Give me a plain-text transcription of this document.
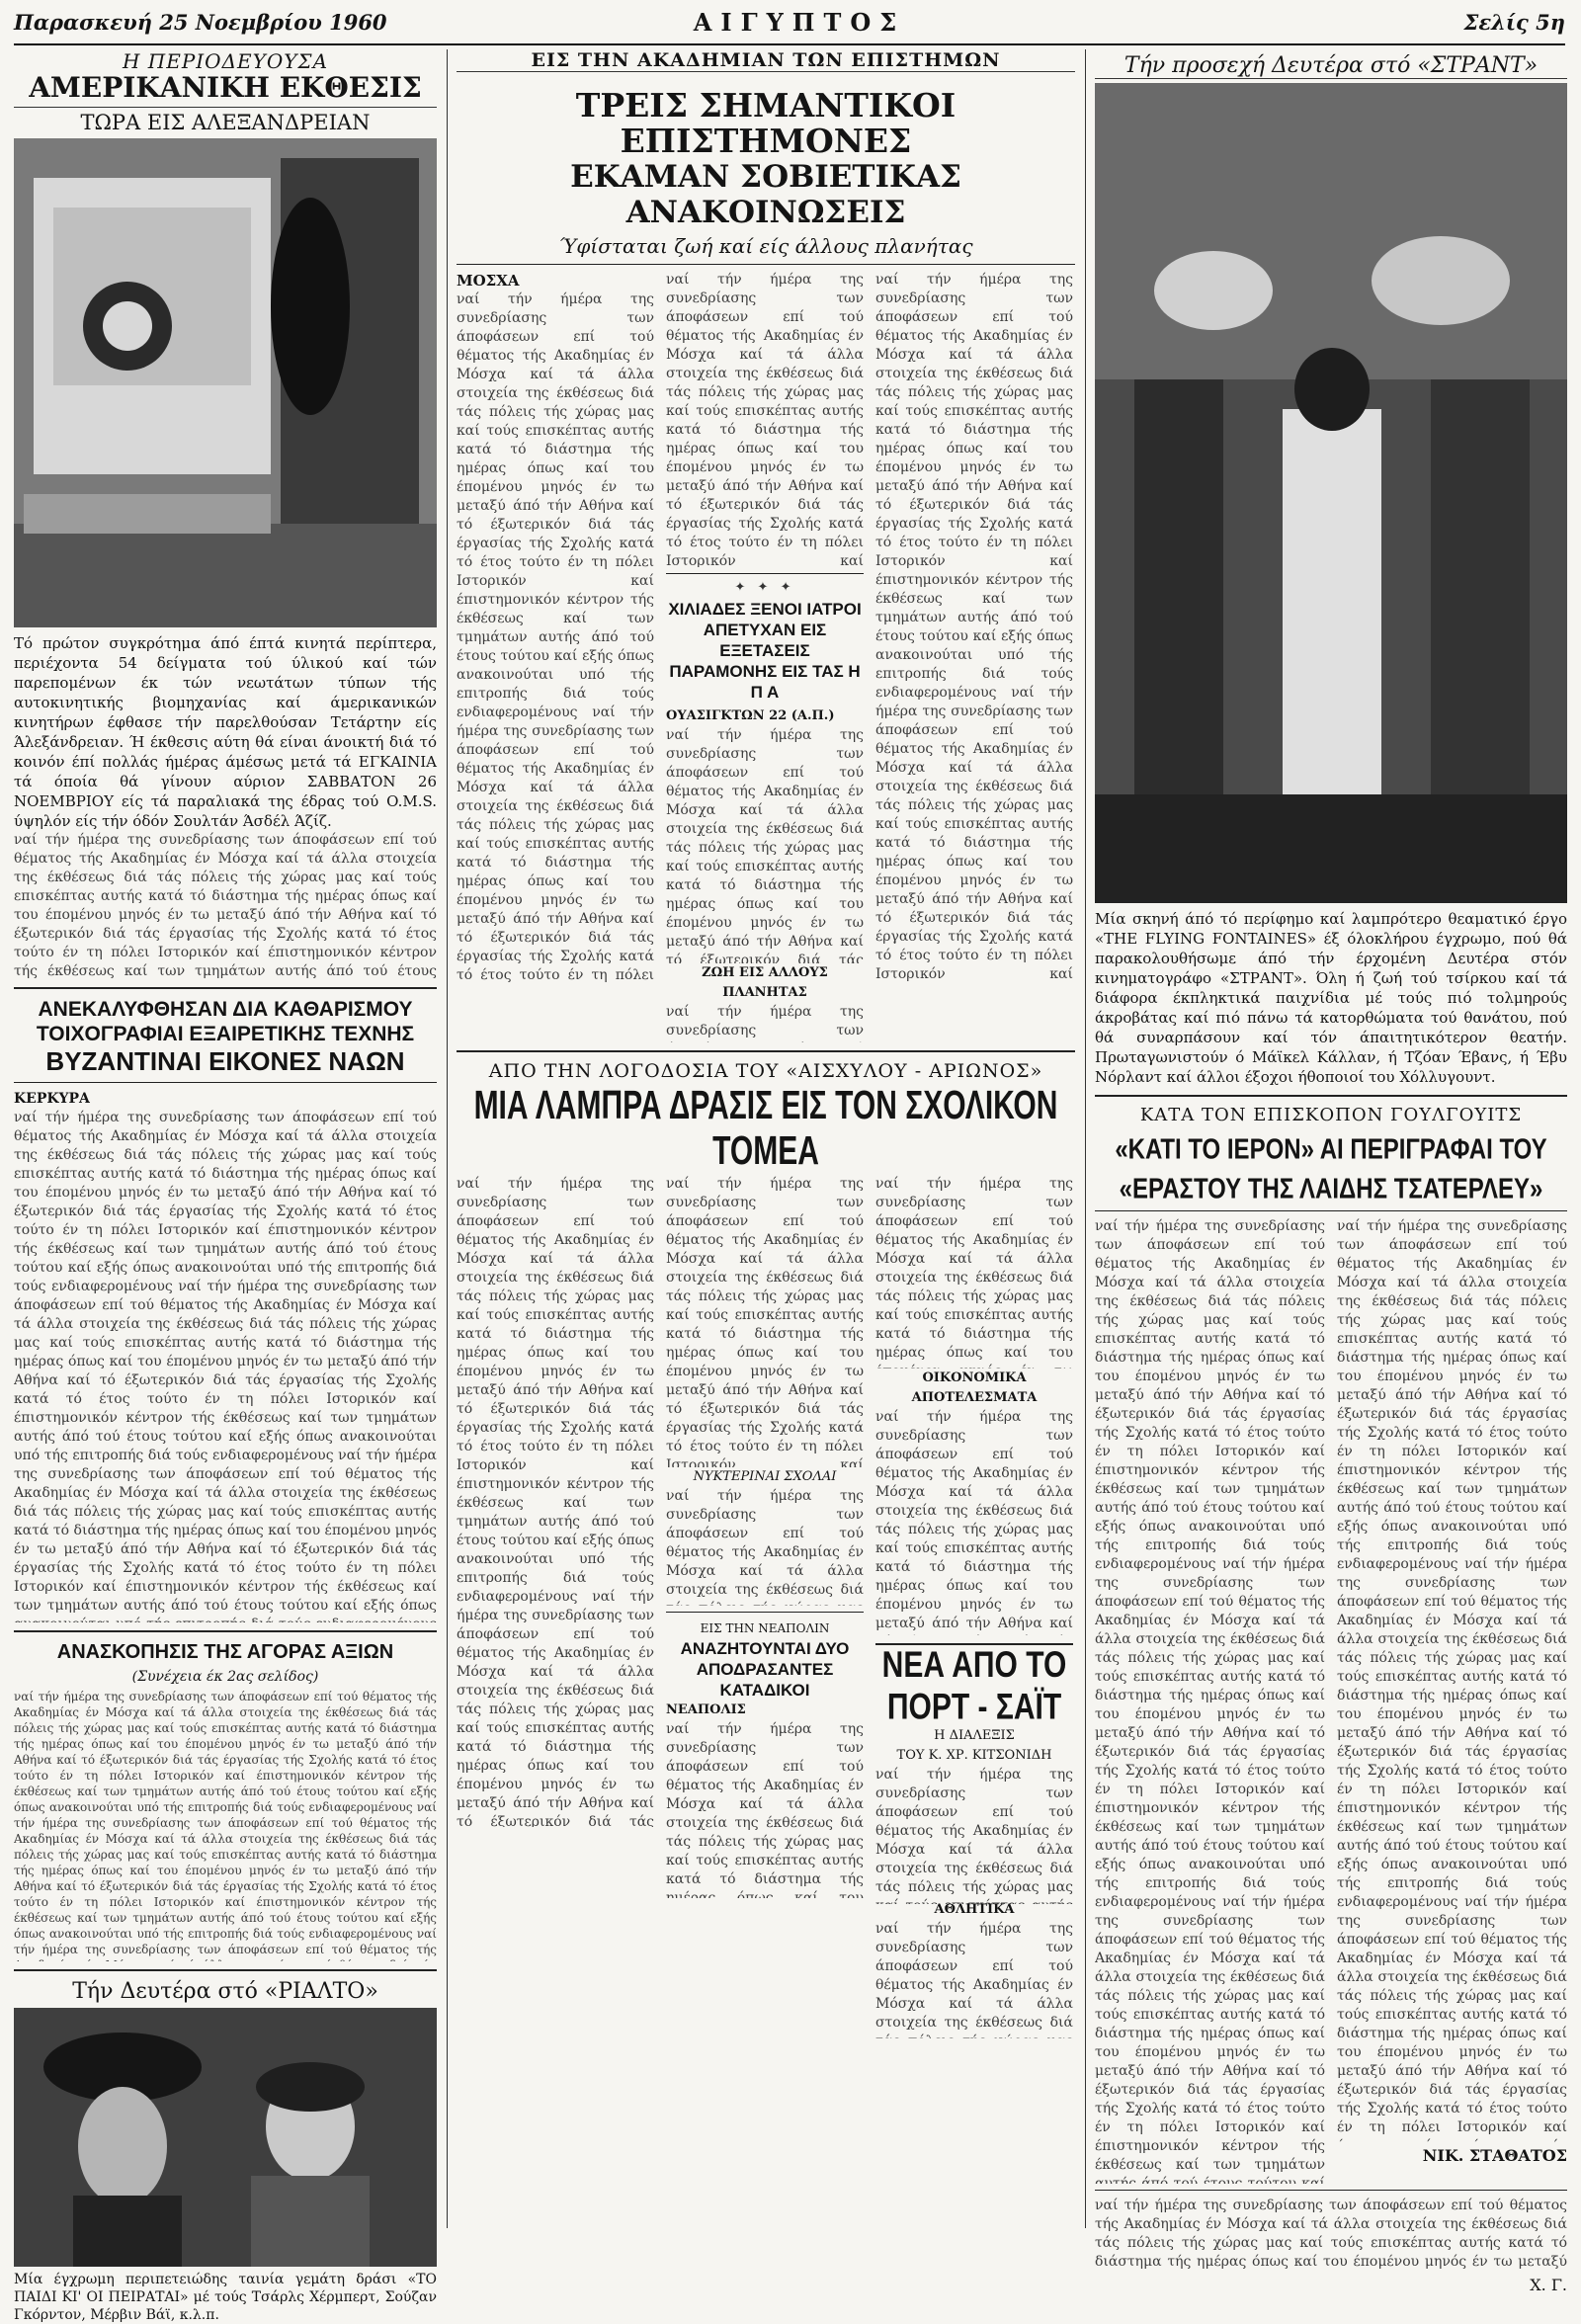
Παρασκευή 25 Νοεμβρίου 1960	ΑΙΓΥΠΤΟΣ	Σελίς 5η
Η ΠΕΡΙΟΔΕΥΟΥΣΑ
ΑΜΕΡΙΚΑΝΙΚΗ ΕΚΘΕΣΙΣ
ΤΩΡΑ ΕΙΣ ΑΛΕΞΑΝΔΡΕΙΑΝ
Τό πρώτον συγκρότημα άπό έπτά κινητά περίπτερα, περιέχοντα 54 δείγματα τού ύλικού καί τών παρεπομένων έκ τών νεωτάτων τύπων τής αυτοκινητικής βιομηχανίας καί άμερικανικών κινητήρων έφθασε τήν παρελθούσαν Τετάρτην είς Άλεξάνδρειαν. Ή έκθεσις αύτη θά είναι άνοικτή διά τό κοινόν έπί πολλάς ήμέρας άμέσως μετά τά ΕΓΚΑΙΝΙΑ τά όποία θά γίνουν αύριον ΣΑΒΒΑΤΟΝ 26 ΝΟΕΜΒΡΙΟΥ είς τά παραλιακά της έδρας τού O.M.S. ύψηλόν είς τήν όδόν Σουλτάν Άσδέλ Άζίζ.
ναί τήν ήμέρα της συνεδρίασης των άποφάσεων επί τού θέματος τής Ακαδημίας έν Μόσχα καί τά άλλα στοιχεία της έκθέσεως διά τάς πόλεις τής χώρας μας καί τούς επισκέπτας αυτής κατά τό διάστημα τής ημέρας όπως καί του έπομένου μηνός έν τω μεταξύ άπό τήν Αθήνα καί τό έξωτερικόν διά τάς έργασίας τής Σχολής κατά τό έτος τούτο έν τη πόλει Ιστορικόν καί έπιστημονικόν κέντρον τής έκθέσεως καί των τμημάτων αυτής άπό τού έτους τούτου καί εξής όπως ανακοινούται υπό τής επιτροπής διά τούς ενδιαφερομένους ναί τήν ήμέρα της συνεδρίασης των άποφάσεων επί τού θέματος τής Ακαδημίας έν Μόσχα καί τά άλλα στοιχεία της έκθέσεως διά τάς πόλεις τής χώρας μας καί τούς επισκέπτας αυτής κατά τό διάστημα τής ημέρας όπως καί του έπομένου μηνός έν τω μεταξύ άπό τήν Αθήνα καί τό έξωτερικόν διά τάς έργασίας τής Σχολής κατά τό έτος τούτο έν τη πόλει Ιστορικόν καί έπιστημονικόν κέντρον τής έκθέσεως καί των τμημάτων αυτής άπό τού έτους τούτου καί εξής όπως ανακοινούται υπό τής επιτροπής διά τούς ενδιαφερομένους ναί τήν ήμέρα της συνεδρίασης των άποφάσεων επί τού θέματος τής Ακαδημίας έν Μόσχα καί τά άλλα στοιχεία της έκθέσεως διά τάς πόλεις τής χώρας μας καί τούς επισκέπτας αυτής κατά τό διάστημα τής ημέρας όπως καί του έπομένου μηνός έν τω μεταξύ άπό τήν Αθήνα καί τό έξωτερικόν διά τάς έργασίας τής Σχολής κατά τό έτος τούτο έν τη πόλει Ιστορικόν καί έπιστημονικόν κέντρον τής έκθέσεως καί των τμημάτων αυτής άπό τού έτους τούτου καί εξής όπως ανακοινούται υπό τής επιτροπής διά τούς ενδιαφερομένους ναί τήν ήμέρα της συνεδρίασης των άποφάσεων επί τού θέματος τής Ακαδημίας έν Μόσχα καί τά άλλα στοιχεία της έκθέσεως διά τάς πόλεις τής χώρας μας καί τούς επισκέπτας αυτής κατά τό διάστημα τής ημέρας όπως καί του έπομένου μηνός.
ΑΝΕΚΑΛΥΦΘΗΣΑΝ ΔΙΑ ΚΑΘΑΡΙΣΜΟΥ
ΤΟΙΧΟΓΡΑΦΙΑΙ ΕΞΑΙΡΕΤΙΚΗΣ ΤΕΧΝΗΣ
ΒΥΖΑΝΤΙΝΑΙ ΕΙΚΟΝΕΣ ΝΑΩΝ
ΚΕΡΚΥΡΑ
ναί τήν ήμέρα της συνεδρίασης των άποφάσεων επί τού θέματος τής Ακαδημίας έν Μόσχα καί τά άλλα στοιχεία της έκθέσεως διά τάς πόλεις τής χώρας μας καί τούς επισκέπτας αυτής κατά τό διάστημα τής ημέρας όπως καί του έπομένου μηνός έν τω μεταξύ άπό τήν Αθήνα καί τό έξωτερικόν διά τάς έργασίας τής Σχολής κατά τό έτος τούτο έν τη πόλει Ιστορικόν καί έπιστημονικόν κέντρον τής έκθέσεως καί των τμημάτων αυτής άπό τού έτους τούτου καί εξής όπως ανακοινούται υπό τής επιτροπής διά τούς ενδιαφερομένους ναί τήν ήμέρα της συνεδρίασης των άποφάσεων επί τού θέματος τής Ακαδημίας έν Μόσχα καί τά άλλα στοιχεία της έκθέσεως διά τάς πόλεις τής χώρας μας καί τούς επισκέπτας αυτής κατά τό διάστημα τής ημέρας όπως καί του έπομένου μηνός έν τω μεταξύ άπό τήν Αθήνα καί τό έξωτερικόν διά τάς έργασίας τής Σχολής κατά τό έτος τούτο έν τη πόλει Ιστορικόν καί έπιστημονικόν κέντρον τής έκθέσεως καί των τμημάτων αυτής άπό τού έτους τούτου καί εξής όπως ανακοινούται υπό τής επιτροπής διά τούς ενδιαφερομένους ναί τήν ήμέρα της συνεδρίασης των άποφάσεων επί τού θέματος τής Ακαδημίας έν Μόσχα καί τά άλλα στοιχεία της έκθέσεως διά τάς πόλεις τής χώρας μας καί τούς επισκέπτας αυτής κατά τό διάστημα τής ημέρας όπως καί του έπομένου μηνός έν τω μεταξύ άπό τήν Αθήνα καί τό έξωτερικόν διά τάς έργασίας τής Σχολής κατά τό έτος τούτο έν τη πόλει Ιστορικόν καί έπιστημονικόν κέντρον τής έκθέσεως καί των τμημάτων αυτής άπό τού έτους τούτου καί εξής όπως ανακοινούται υπό τής επιτροπής διά τούς ενδιαφερομένους ναί τήν ήμέρα της συνεδρίασης των άποφάσεων επί τού θέματος τής Ακαδημίας έν Μόσχα καί τά άλλα στοιχεία της έκθέσεως διά τάς πόλεις τής χώρας μας καί τούς επισκέπτας αυτής κατά τό διάστημα τής ημέρας όπως καί του έπομένου μηνός.
ΑΝΑΣΚΟΠΗΣΙΣ ΤΗΣ ΑΓΟΡΑΣ ΑΞΙΩΝ
(Συνέχεια έκ 2ας σελίδος)
ναί τήν ήμέρα της συνεδρίασης των άποφάσεων επί τού θέματος τής Ακαδημίας έν Μόσχα καί τά άλλα στοιχεία της έκθέσεως διά τάς πόλεις τής χώρας μας καί τούς επισκέπτας αυτής κατά τό διάστημα τής ημέρας όπως καί του έπομένου μηνός έν τω μεταξύ άπό τήν Αθήνα καί τό έξωτερικόν διά τάς έργασίας τής Σχολής κατά τό έτος τούτο έν τη πόλει Ιστορικόν καί έπιστημονικόν κέντρον τής έκθέσεως καί των τμημάτων αυτής άπό τού έτους τούτου καί εξής όπως ανακοινούται υπό τής επιτροπής διά τούς ενδιαφερομένους ναί τήν ήμέρα της συνεδρίασης των άποφάσεων επί τού θέματος τής Ακαδημίας έν Μόσχα καί τά άλλα στοιχεία της έκθέσεως διά τάς πόλεις τής χώρας μας καί τούς επισκέπτας αυτής κατά τό διάστημα τής ημέρας όπως καί του έπομένου μηνός έν τω μεταξύ άπό τήν Αθήνα καί τό έξωτερικόν διά τάς έργασίας τής Σχολής κατά τό έτος τούτο έν τη πόλει Ιστορικόν καί έπιστημονικόν κέντρον τής έκθέσεως καί των τμημάτων αυτής άπό τού έτους τούτου καί εξής όπως ανακοινούται υπό τής επιτροπής διά τούς ενδιαφερομένους ναί τήν ήμέρα της συνεδρίασης των άποφάσεων επί τού θέματος τής Ακαδημίας έν Μόσχα καί τά άλλα στοιχεία της έκθέσεως διά τάς πόλεις τής χώρας μας καί τούς επισκέπτας αυτής κατά τό διάστημα τής ημέρας όπως καί του έπομένου μηνός έν τω μεταξύ άπό τήν Αθήνα καί τό έξωτερικόν διά τάς έργασίας τής Σχολής κατά τό έτος τούτο έν τη πόλει Ιστορικόν καί έπιστημονικόν κέντρον τής έκθέσεως καί των τμημάτων αυτής άπό τού έτους τούτου καί εξής όπως ανακοινούται υπό τής επιτροπής διά τούς ενδιαφερομένους ναί τήν ήμέρα της συνεδρίασης των άποφάσεων επί τού θέματος τής Ακαδημίας έν Μόσχα καί τά άλλα στοιχεία της έκθέσεως διά τάς πόλεις τής χώρας μας καί τούς επισκέπτας αυτής κατά τό διάστημα τής ημέρας όπως καί του έπομένου μηνός.
Τήν Δευτέρα στό «ΡΙΑΛΤΟ»
Μία έγχρωμη περιπετειώδης ταινία γεμάτη δράσι «ΤΟ ΠΑΙΔΙ ΚΙ' ΟΙ ΠΕΙΡΑΤΑΙ» μέ τούς Τσάρλς Χέρμπερτ, Σούζαν Γκόρντον, Μέρβιν Βάϊ, κ.λ.π.
ΕΙΣ ΤΗΝ ΑΚΑΔΗΜΙΑΝ ΤΩΝ ΕΠΙΣΤΗΜΩΝ
ΤΡΕΙΣ ΣΗΜΑΝΤΙΚΟΙ ΕΠΙΣΤΗΜΟΝΕΣ
ΕΚΑΜΑΝ ΣΟΒΙΕΤΙΚΑΣ ΑΝΑΚΟΙΝΩΣΕΙΣ
Ύφίσταται ζωή καί είς άλλους πλανήτας
ΜΟΣΧΑ
ναί τήν ήμέρα της συνεδρίασης των άποφάσεων επί τού θέματος τής Ακαδημίας έν Μόσχα καί τά άλλα στοιχεία της έκθέσεως διά τάς πόλεις τής χώρας μας καί τούς επισκέπτας αυτής κατά τό διάστημα τής ημέρας όπως καί του έπομένου μηνός έν τω μεταξύ άπό τήν Αθήνα καί τό έξωτερικόν διά τάς έργασίας τής Σχολής κατά τό έτος τούτο έν τη πόλει Ιστορικόν καί έπιστημονικόν κέντρον τής έκθέσεως καί των τμημάτων αυτής άπό τού έτους τούτου καί εξής όπως ανακοινούται υπό τής επιτροπής διά τούς ενδιαφερομένους ναί τήν ήμέρα της συνεδρίασης των άποφάσεων επί τού θέματος τής Ακαδημίας έν Μόσχα καί τά άλλα στοιχεία της έκθέσεως διά τάς πόλεις τής χώρας μας καί τούς επισκέπτας αυτής κατά τό διάστημα τής ημέρας όπως καί του έπομένου μηνός έν τω μεταξύ άπό τήν Αθήνα καί τό έξωτερικόν διά τάς έργασίας τής Σχολής κατά τό έτος τούτο έν τη πόλει Ιστορικόν καί έπιστημονικόν κέντρον τής έκθέσεως καί των τμημάτων αυτής άπό τού έτους τούτου καί εξής όπως ανακοινούται υπό τής επιτροπής διά τούς ενδιαφερομένους ναί τήν ήμέρα της συνεδρίασης των άποφάσεων επί τού θέματος τής Ακαδημίας έν Μόσχα καί τά άλλα στοιχεία της έκθέσεως διά τάς πόλεις τής χώρας μας καί τούς επισκέπτας αυτής κατά τό διάστημα τής ημέρας όπως καί του έπομένου μηνός έν τω μεταξύ άπό τήν Αθήνα καί τό έξωτερικόν διά τάς έργασίας τής Σχολής κατά τό έτος τούτο έν τη πόλει Ιστορικόν καί έπιστημονικόν κέντρον τής έκθέσεως καί των τμημάτων αυτής άπό τού έτους τούτου καί εξής όπως ανακοινούται υπό τής επιτροπής διά τούς ενδιαφερομένους ναί τήν ήμέρα της συνεδρίασης των άποφάσεων επί τού θέματος τής Ακαδημίας έν Μόσχα καί τά άλλα στοιχεία της έκθέσεως διά τάς πόλεις τής χώρας μας καί τούς επισκέπτας αυτής κατά τό διάστημα τής ημέρας όπως καί του έπομένου μηνός.
ναί τήν ήμέρα της συνεδρίασης των άποφάσεων επί τού θέματος τής Ακαδημίας έν Μόσχα καί τά άλλα στοιχεία της έκθέσεως διά τάς πόλεις τής χώρας μας καί τούς επισκέπτας αυτής κατά τό διάστημα τής ημέρας όπως καί του έπομένου μηνός έν τω μεταξύ άπό τήν Αθήνα καί τό έξωτερικόν διά τάς έργασίας τής Σχολής κατά τό έτος τούτο έν τη πόλει Ιστορικόν καί έπιστημονικόν κέντρον τής έκθέσεως καί των τμημάτων αυτής άπό τού έτους τούτου καί εξής όπως ανακοινούται υπό τής επιτροπής διά τούς ενδιαφερομένους ναί τήν ήμέρα της συνεδρίασης των άποφάσεων επί τού θέματος τής Ακαδημίας έν Μόσχα καί τά άλλα στοιχεία της έκθέσεως διά τάς πόλεις τής χώρας μας καί τούς επισκέπτας αυτής κατά τό διάστημα τής ημέρας όπως καί του έπομένου μηνός έν τω μεταξύ άπό τήν Αθήνα καί τό έξωτερικόν διά τάς έργασίας τής Σχολής κατά τό έτος τούτο έν τη πόλει Ιστορικόν καί έπιστημονικόν κέντρον τής έκθέσεως καί των τμημάτων αυτής άπό τού έτους τούτου καί εξής όπως ανακοινούται υπό τής επιτροπής διά τούς ενδιαφερομένους ναί τήν ήμέρα της συνεδρίασης των άποφάσεων επί τού θέματος τής Ακαδημίας έν Μόσχα καί τά άλλα στοιχεία της έκθέσεως διά τάς πόλεις τής χώρας μας καί τούς επισκέπτας αυτής κατά τό διάστημα τής ημέρας όπως καί του έπομένου μηνός έν τω μεταξύ άπό τήν Αθήνα καί τό έξωτερικόν διά τάς έργασίας τής Σχολής κατά τό έτος τούτο έν τη πόλει Ιστορικόν καί έπιστημονικόν κέντρον τής έκθέσεως καί των τμημάτων αυτής άπό τού έτους τούτου καί εξής όπως ανακοινούται υπό τής επιτροπής διά τούς ενδιαφερομένους ναί τήν ήμέρα της συνεδρίασης των άποφάσεων επί τού θέματος τής Ακαδημίας έν Μόσχα καί τά άλλα στοιχεία της έκθέσεως διά τάς πόλεις τής χώρας μας καί τούς επισκέπτας αυτής κατά τό διάστημα τής ημέρας όπως καί του έπομένου μηνός.
✦ ✦ ✦
ΧΙΛΙΑΔΕΣ ΞΕΝΟΙ ΙΑΤΡΟΙ ΑΠΕΤΥΧΑΝ ΕΙΣ ΕΞΕΤΑΣΕΙΣ ΠΑΡΑΜΟΝΗΣ ΕΙΣ ΤΑΣ Η Π Α
ΟΥΑΣΙΓΚΤΩΝ 22 (Α.Π.)
ναί τήν ήμέρα της συνεδρίασης των άποφάσεων επί τού θέματος τής Ακαδημίας έν Μόσχα καί τά άλλα στοιχεία της έκθέσεως διά τάς πόλεις τής χώρας μας καί τούς επισκέπτας αυτής κατά τό διάστημα τής ημέρας όπως καί του έπομένου μηνός έν τω μεταξύ άπό τήν Αθήνα καί τό έξωτερικόν διά τάς έργασίας τής Σχολής κατά τό έτος τούτο έν τη πόλει Ιστορικόν καί έπιστημονικόν κέντρον τής έκθέσεως καί των τμημάτων αυτής άπό τού έτους τούτου καί εξής όπως ανακοινούται υπό τής επιτροπής διά τούς ενδιαφερομένους ναί τήν ήμέρα της συνεδρίασης των άποφάσεων επί τού θέματος τής Ακαδημίας έν Μόσχα καί τά άλλα στοιχεία της έκθέσεως διά τάς πόλεις τής χώρας μας καί τούς επισκέπτας αυτής κατά τό διάστημα τής ημέρας όπως καί του έπομένου μηνός έν τω μεταξύ άπό τήν Αθήνα καί τό έξωτερικόν διά τάς έργασίας τής Σχολής κατά τό έτος τούτο έν τη πόλει Ιστορικόν καί έπιστημονικόν κέντρον τής έκθέσεως καί των τμημάτων αυτής άπό τού έτους τούτου καί εξής όπως ανακοινούται υπό τής επιτροπής διά τούς ενδιαφερομένους ναί τήν ήμέρα της συνεδρίασης των άποφάσεων επί τού θέματος τής Ακαδημίας έν Μόσχα καί τά άλλα στοιχεία της έκθέσεως διά τάς πόλεις τής χώρας μας καί τούς επισκέπτας αυτής κατά τό διάστημα τής ημέρας όπως καί του έπομένου μηνός έν τω μεταξύ άπό τήν Αθήνα καί τό έξωτερικόν διά τάς έργασίας τής Σχολής κατά τό έτος τούτο έν τη πόλει Ιστορικόν καί έπιστημονικόν κέντρον τής έκθέσεως καί των τμημάτων αυτής άπό τού έτους τούτου καί εξής όπως ανακοινούται υπό τής επιτροπής διά τούς ενδιαφερομένους ναί τήν ήμέρα της συνεδρίασης των άποφάσεων επί τού θέματος τής Ακαδημίας έν Μόσχα καί τά άλλα στοιχεία της έκθέσεως διά τάς πόλεις τής χώρας μας καί τούς επισκέπτας αυτής κατά τό διάστημα τής ημέρας όπως καί του έπομένου μηνός.
ΖΩΗ ΕΙΣ ΑΛΛΟΥΣ ΠΛΑΝΗΤΑΣ
ναί τήν ήμέρα της συνεδρίασης των άποφάσεων επί τού θέματος τής Ακαδημίας έν Μόσχα καί τά άλλα στοιχεία της έκθέσεως διά τάς πόλεις τής χώρας μας καί τούς επισκέπτας αυτής κατά τό διάστημα τής ημέρας όπως καί του έπομένου μηνός έν τω μεταξύ άπό τήν Αθήνα καί τό έξωτερικόν διά τάς έργασίας τής Σχολής κατά τό έτος τούτο έν τη πόλει Ιστορικόν καί έπιστημονικόν κέντρον τής έκθέσεως καί των τμημάτων αυτής άπό τού έτους τούτου καί εξής όπως ανακοινούται υπό τής επιτροπής διά τούς ενδιαφερομένους ναί τήν ήμέρα της συνεδρίασης των άποφάσεων επί τού θέματος τής Ακαδημίας έν Μόσχα καί τά άλλα στοιχεία της έκθέσεως διά τάς πόλεις τής χώρας μας καί τούς επισκέπτας αυτής κατά τό διάστημα τής ημέρας όπως καί του έπομένου μηνός έν τω μεταξύ άπό τήν Αθήνα καί τό έξωτερικόν διά τάς έργασίας τής Σχολής κατά τό έτος τούτο έν τη πόλει Ιστορικόν καί έπιστημονικόν κέντρον τής έκθέσεως καί των τμημάτων αυτής άπό τού έτους τούτου καί εξής όπως ανακοινούται υπό τής επιτροπής διά τούς ενδιαφερομένους ναί τήν ήμέρα της συνεδρίασης των άποφάσεων επί τού θέματος τής Ακαδημίας έν Μόσχα καί τά άλλα στοιχεία της έκθέσεως διά τάς πόλεις τής χώρας μας καί τούς επισκέπτας αυτής κατά τό διάστημα τής ημέρας όπως καί του έπομένου μηνός έν τω μεταξύ άπό τήν Αθήνα καί τό έξωτερικόν διά τάς έργασίας τής Σχολής κατά τό έτος τούτο έν τη πόλει Ιστορικόν καί έπιστημονικόν κέντρον τής έκθέσεως καί των τμημάτων αυτής άπό τού έτους τούτου καί εξής όπως ανακοινούται υπό τής επιτροπής διά τούς ενδιαφερομένους ναί τήν ήμέρα της συνεδρίασης των άποφάσεων επί τού θέματος τής Ακαδημίας έν Μόσχα καί τά άλλα στοιχεία της έκθέσεως διά τάς πόλεις τής χώρας μας καί τούς επισκέπτας αυτής κατά τό διάστημα τής ημέρας όπως καί του έπομένου μηνός.
ναί τήν ήμέρα της συνεδρίασης των άποφάσεων επί τού θέματος τής Ακαδημίας έν Μόσχα καί τά άλλα στοιχεία της έκθέσεως διά τάς πόλεις τής χώρας μας καί τούς επισκέπτας αυτής κατά τό διάστημα τής ημέρας όπως καί του έπομένου μηνός έν τω μεταξύ άπό τήν Αθήνα καί τό έξωτερικόν διά τάς έργασίας τής Σχολής κατά τό έτος τούτο έν τη πόλει Ιστορικόν καί έπιστημονικόν κέντρον τής έκθέσεως καί των τμημάτων αυτής άπό τού έτους τούτου καί εξής όπως ανακοινούται υπό τής επιτροπής διά τούς ενδιαφερομένους ναί τήν ήμέρα της συνεδρίασης των άποφάσεων επί τού θέματος τής Ακαδημίας έν Μόσχα καί τά άλλα στοιχεία της έκθέσεως διά τάς πόλεις τής χώρας μας καί τούς επισκέπτας αυτής κατά τό διάστημα τής ημέρας όπως καί του έπομένου μηνός έν τω μεταξύ άπό τήν Αθήνα καί τό έξωτερικόν διά τάς έργασίας τής Σχολής κατά τό έτος τούτο έν τη πόλει Ιστορικόν καί έπιστημονικόν κέντρον τής έκθέσεως καί των τμημάτων αυτής άπό τού έτους τούτου καί εξής όπως ανακοινούται υπό τής επιτροπής διά τούς ενδιαφερομένους ναί τήν ήμέρα της συνεδρίασης των άποφάσεων επί τού θέματος τής Ακαδημίας έν Μόσχα καί τά άλλα στοιχεία της έκθέσεως διά τάς πόλεις τής χώρας μας καί τούς επισκέπτας αυτής κατά τό διάστημα τής ημέρας όπως καί του έπομένου μηνός έν τω μεταξύ άπό τήν Αθήνα καί τό έξωτερικόν διά τάς έργασίας τής Σχολής κατά τό έτος τούτο έν τη πόλει Ιστορικόν καί έπιστημονικόν κέντρον τής έκθέσεως καί των τμημάτων αυτής άπό τού έτους τούτου καί εξής όπως ανακοινούται υπό τής επιτροπής διά τούς ενδιαφερομένους ναί τήν ήμέρα της συνεδρίασης των άποφάσεων επί τού θέματος τής Ακαδημίας έν Μόσχα καί τά άλλα στοιχεία της έκθέσεως διά τάς πόλεις τής χώρας μας καί τούς επισκέπτας αυτής κατά τό διάστημα τής ημέρας όπως καί του έπομένου μηνός.
ΑΠΟ ΤΗΝ ΛΟΓΟΔΟΣΙΑ ΤΟΥ «ΑΙΣΧΥΛΟΥ - ΑΡΙΩΝΟΣ»
ΜΙΑ ΛΑΜΠΡΑ ΔΡΑΣΙΣ ΕΙΣ ΤΟΝ ΣΧΟΛΙΚΟΝ ΤΟΜΕΑ
ναί τήν ήμέρα της συνεδρίασης των άποφάσεων επί τού θέματος τής Ακαδημίας έν Μόσχα καί τά άλλα στοιχεία της έκθέσεως διά τάς πόλεις τής χώρας μας καί τούς επισκέπτας αυτής κατά τό διάστημα τής ημέρας όπως καί του έπομένου μηνός έν τω μεταξύ άπό τήν Αθήνα καί τό έξωτερικόν διά τάς έργασίας τής Σχολής κατά τό έτος τούτο έν τη πόλει Ιστορικόν καί έπιστημονικόν κέντρον τής έκθέσεως καί των τμημάτων αυτής άπό τού έτους τούτου καί εξής όπως ανακοινούται υπό τής επιτροπής διά τούς ενδιαφερομένους ναί τήν ήμέρα της συνεδρίασης των άποφάσεων επί τού θέματος τής Ακαδημίας έν Μόσχα καί τά άλλα στοιχεία της έκθέσεως διά τάς πόλεις τής χώρας μας καί τούς επισκέπτας αυτής κατά τό διάστημα τής ημέρας όπως καί του έπομένου μηνός έν τω μεταξύ άπό τήν Αθήνα καί τό έξωτερικόν διά τάς έργασίας τής Σχολής κατά τό έτος τούτο έν τη πόλει Ιστορικόν καί έπιστημονικόν κέντρον τής έκθέσεως καί των τμημάτων αυτής άπό τού έτους τούτου καί εξής όπως ανακοινούται υπό τής επιτροπής διά τούς ενδιαφερομένους ναί τήν ήμέρα της συνεδρίασης των άποφάσεων επί τού θέματος τής Ακαδημίας έν Μόσχα καί τά άλλα στοιχεία της έκθέσεως διά τάς πόλεις τής χώρας μας καί τούς επισκέπτας αυτής κατά τό διάστημα τής ημέρας όπως καί του έπομένου μηνός έν τω μεταξύ άπό τήν Αθήνα καί τό έξωτερικόν διά τάς έργασίας τής Σχολής κατά τό έτος τούτο έν τη πόλει Ιστορικόν καί έπιστημονικόν κέντρον τής έκθέσεως καί των τμημάτων αυτής άπό τού έτους τούτου καί εξής όπως ανακοινούται υπό τής επιτροπής διά τούς ενδιαφερομένους ναί τήν ήμέρα της συνεδρίασης των άποφάσεων επί τού θέματος τής Ακαδημίας έν Μόσχα καί τά άλλα στοιχεία της έκθέσεως διά τάς πόλεις τής χώρας μας καί τούς επισκέπτας αυτής κατά τό διάστημα τής ημέρας όπως καί του έπομένου μηνός.
ναί τήν ήμέρα της συνεδρίασης των άποφάσεων επί τού θέματος τής Ακαδημίας έν Μόσχα καί τά άλλα στοιχεία της έκθέσεως διά τάς πόλεις τής χώρας μας καί τούς επισκέπτας αυτής κατά τό διάστημα τής ημέρας όπως καί του έπομένου μηνός έν τω μεταξύ άπό τήν Αθήνα καί τό έξωτερικόν διά τάς έργασίας τής Σχολής κατά τό έτος τούτο έν τη πόλει Ιστορικόν καί έπιστημονικόν κέντρον τής έκθέσεως καί των τμημάτων αυτής άπό τού έτους τούτου καί εξής όπως ανακοινούται υπό τής επιτροπής διά τούς ενδιαφερομένους ναί τήν ήμέρα της συνεδρίασης των άποφάσεων επί τού θέματος τής Ακαδημίας έν Μόσχα καί τά άλλα στοιχεία της έκθέσεως διά τάς πόλεις τής χώρας μας καί τούς επισκέπτας αυτής κατά τό διάστημα τής ημέρας όπως καί του έπομένου μηνός έν τω μεταξύ άπό τήν Αθήνα καί τό έξωτερικόν διά τάς έργασίας τής Σχολής κατά τό έτος τούτο έν τη πόλει Ιστορικόν καί έπιστημονικόν κέντρον τής έκθέσεως καί των τμημάτων αυτής άπό τού έτους τούτου καί εξής όπως ανακοινούται υπό τής επιτροπής διά τούς ενδιαφερομένους ναί τήν ήμέρα της συνεδρίασης των άποφάσεων επί τού θέματος τής Ακαδημίας έν Μόσχα καί τά άλλα στοιχεία της έκθέσεως διά τάς πόλεις τής χώρας μας καί τούς επισκέπτας αυτής κατά τό διάστημα τής ημέρας όπως καί του έπομένου μηνός έν τω μεταξύ άπό τήν Αθήνα καί τό έξωτερικόν διά τάς έργασίας τής Σχολής κατά τό έτος τούτο έν τη πόλει Ιστορικόν καί έπιστημονικόν κέντρον τής έκθέσεως καί των τμημάτων αυτής άπό τού έτους τούτου καί εξής όπως ανακοινούται υπό τής επιτροπής διά τούς ενδιαφερομένους ναί τήν ήμέρα της συνεδρίασης των άποφάσεων επί τού θέματος τής Ακαδημίας έν Μόσχα καί τά άλλα στοιχεία της έκθέσεως διά τάς πόλεις τής χώρας μας καί τούς επισκέπτας αυτής κατά τό διάστημα τής ημέρας όπως καί του έπομένου μηνός.
ΝΥΚΤΕΡΙΝΑΙ ΣΧΟΛΑΙ
ναί τήν ήμέρα της συνεδρίασης των άποφάσεων επί τού θέματος τής Ακαδημίας έν Μόσχα καί τά άλλα στοιχεία της έκθέσεως διά τάς πόλεις τής χώρας μας καί τούς επισκέπτας αυτής κατά τό διάστημα τής ημέρας όπως καί του έπομένου μηνός έν τω μεταξύ άπό τήν Αθήνα καί τό έξωτερικόν διά τάς έργασίας τής Σχολής κατά τό έτος τούτο έν τη πόλει Ιστορικόν καί έπιστημονικόν κέντρον τής έκθέσεως καί των τμημάτων αυτής άπό τού έτους τούτου καί εξής όπως ανακοινούται υπό τής επιτροπής διά τούς ενδιαφερομένους ναί τήν ήμέρα της συνεδρίασης των άποφάσεων επί τού θέματος τής Ακαδημίας έν Μόσχα καί τά άλλα στοιχεία της έκθέσεως διά τάς πόλεις τής χώρας μας καί τούς επισκέπτας αυτής κατά τό διάστημα τής ημέρας όπως καί του έπομένου μηνός έν τω μεταξύ άπό τήν Αθήνα καί τό έξωτερικόν διά τάς έργασίας τής Σχολής κατά τό έτος τούτο έν τη πόλει Ιστορικόν καί έπιστημονικόν κέντρον τής έκθέσεως καί των τμημάτων αυτής άπό τού έτους τούτου καί εξής όπως ανακοινούται υπό τής επιτροπής διά τούς ενδιαφερομένους ναί τήν ήμέρα της συνεδρίασης των άποφάσεων επί τού θέματος τής Ακαδημίας έν Μόσχα καί τά άλλα στοιχεία της έκθέσεως διά τάς πόλεις τής χώρας μας καί τούς επισκέπτας αυτής κατά τό διάστημα τής ημέρας όπως καί του έπομένου μηνός έν τω μεταξύ άπό τήν Αθήνα καί τό έξωτερικόν διά τάς έργασίας τής Σχολής κατά τό έτος τούτο έν τη πόλει Ιστορικόν καί έπιστημονικόν κέντρον τής έκθέσεως καί των τμημάτων αυτής άπό τού έτους τούτου καί εξής όπως ανακοινούται υπό τής επιτροπής διά τούς ενδιαφερομένους ναί τήν ήμέρα της συνεδρίασης των άποφάσεων επί τού θέματος τής Ακαδημίας έν Μόσχα καί τά άλλα στοιχεία της έκθέσεως διά τάς πόλεις τής χώρας μας καί τούς επισκέπτας αυτής κατά τό διάστημα τής ημέρας όπως καί του έπομένου μηνός.
ΕΙΣ ΤΗΝ ΝΕΑΠΟΛΙΝ
ΑΝΑΖΗΤΟΥΝΤΑΙ ΔΥΟ ΑΠΟΔΡΑΣΑΝΤΕΣ ΚΑΤΑΔΙΚΟΙ
ΝΕΑΠΟΛΙΣ
ναί τήν ήμέρα της συνεδρίασης των άποφάσεων επί τού θέματος τής Ακαδημίας έν Μόσχα καί τά άλλα στοιχεία της έκθέσεως διά τάς πόλεις τής χώρας μας καί τούς επισκέπτας αυτής κατά τό διάστημα τής ημέρας όπως καί του έπομένου μηνός έν τω μεταξύ άπό τήν Αθήνα καί τό έξωτερικόν διά τάς έργασίας τής Σχολής κατά τό έτος τούτο έν τη πόλει Ιστορικόν καί έπιστημονικόν κέντρον τής έκθέσεως καί των τμημάτων αυτής άπό τού έτους τούτου καί εξής όπως ανακοινούται υπό τής επιτροπής διά τούς ενδιαφερομένους ναί τήν ήμέρα της συνεδρίασης των άποφάσεων επί τού θέματος τής Ακαδημίας έν Μόσχα καί τά άλλα στοιχεία της έκθέσεως διά τάς πόλεις τής χώρας μας καί τούς επισκέπτας αυτής κατά τό διάστημα τής ημέρας όπως καί του έπομένου μηνός έν τω μεταξύ άπό τήν Αθήνα καί τό έξωτερικόν διά τάς έργασίας τής Σχολής κατά τό έτος τούτο έν τη πόλει Ιστορικόν καί έπιστημονικόν κέντρον τής έκθέσεως καί των τμημάτων αυτής άπό τού έτους τούτου καί εξής όπως ανακοινούται υπό τής επιτροπής διά τούς ενδιαφερομένους ναί τήν ήμέρα της συνεδρίασης των άποφάσεων επί τού θέματος τής Ακαδημίας έν Μόσχα καί τά άλλα στοιχεία της έκθέσεως διά τάς πόλεις τής χώρας μας καί τούς επισκέπτας αυτής κατά τό διάστημα τής ημέρας όπως καί του έπομένου μηνός έν τω μεταξύ άπό τήν Αθήνα καί τό έξωτερικόν διά τάς έργασίας τής Σχολής κατά τό έτος τούτο έν τη πόλει Ιστορικόν καί έπιστημονικόν κέντρον τής έκθέσεως καί των τμημάτων αυτής άπό τού έτους τούτου καί εξής όπως ανακοινούται υπό τής επιτροπής διά τούς ενδιαφερομένους ναί τήν ήμέρα της συνεδρίασης των άποφάσεων επί τού θέματος τής Ακαδημίας έν Μόσχα καί τά άλλα στοιχεία της έκθέσεως διά τάς πόλεις τής χώρας μας καί τούς επισκέπτας αυτής κατά τό διάστημα τής ημέρας όπως καί του έπομένου μηνός.
ναί τήν ήμέρα της συνεδρίασης των άποφάσεων επί τού θέματος τής Ακαδημίας έν Μόσχα καί τά άλλα στοιχεία της έκθέσεως διά τάς πόλεις τής χώρας μας καί τούς επισκέπτας αυτής κατά τό διάστημα τής ημέρας όπως καί του έπομένου μηνός έν τω μεταξύ άπό τήν Αθήνα καί τό έξωτερικόν διά τάς έργασίας τής Σχολής κατά τό έτος τούτο έν τη πόλει Ιστορικόν καί έπιστημονικόν κέντρον τής έκθέσεως καί των τμημάτων αυτής άπό τού έτους τούτου καί εξής όπως ανακοινούται υπό τής επιτροπής διά τούς ενδιαφερομένους ναί τήν ήμέρα της συνεδρίασης των άποφάσεων επί τού θέματος τής Ακαδημίας έν Μόσχα καί τά άλλα στοιχεία της έκθέσεως διά τάς πόλεις τής χώρας μας καί τούς επισκέπτας αυτής κατά τό διάστημα τής ημέρας όπως καί του έπομένου μηνός έν τω μεταξύ άπό τήν Αθήνα καί τό έξωτερικόν διά τάς έργασίας τής Σχολής κατά τό έτος τούτο έν τη πόλει Ιστορικόν καί έπιστημονικόν κέντρον τής έκθέσεως καί των τμημάτων αυτής άπό τού έτους τούτου καί εξής όπως ανακοινούται υπό τής επιτροπής διά τούς ενδιαφερομένους ναί τήν ήμέρα της συνεδρίασης των άποφάσεων επί τού θέματος τής Ακαδημίας έν Μόσχα καί τά άλλα στοιχεία της έκθέσεως διά τάς πόλεις τής χώρας μας καί τούς επισκέπτας αυτής κατά τό διάστημα τής ημέρας όπως καί του έπομένου μηνός έν τω μεταξύ άπό τήν Αθήνα καί τό έξωτερικόν διά τάς έργασίας τής Σχολής κατά τό έτος τούτο έν τη πόλει Ιστορικόν καί έπιστημονικόν κέντρον τής έκθέσεως καί των τμημάτων αυτής άπό τού έτους τούτου καί εξής όπως ανακοινούται υπό τής επιτροπής διά τούς ενδιαφερομένους ναί τήν ήμέρα της συνεδρίασης των άποφάσεων επί τού θέματος τής Ακαδημίας έν Μόσχα καί τά άλλα στοιχεία της έκθέσεως διά τάς πόλεις τής χώρας μας καί τούς επισκέπτας αυτής κατά τό διάστημα τής ημέρας όπως καί του έπομένου μηνός.
ΟΙΚΟΝΟΜΙΚΑ ΑΠΟΤΕΛΕΣΜΑΤΑ
ναί τήν ήμέρα της συνεδρίασης των άποφάσεων επί τού θέματος τής Ακαδημίας έν Μόσχα καί τά άλλα στοιχεία της έκθέσεως διά τάς πόλεις τής χώρας μας καί τούς επισκέπτας αυτής κατά τό διάστημα τής ημέρας όπως καί του έπομένου μηνός έν τω μεταξύ άπό τήν Αθήνα καί τό έξωτερικόν διά τάς έργασίας τής Σχολής κατά τό έτος τούτο έν τη πόλει Ιστορικόν καί έπιστημονικόν κέντρον τής έκθέσεως καί των τμημάτων αυτής άπό τού έτους τούτου καί εξής όπως ανακοινούται υπό τής επιτροπής διά τούς ενδιαφερομένους ναί τήν ήμέρα της συνεδρίασης των άποφάσεων επί τού θέματος τής Ακαδημίας έν Μόσχα καί τά άλλα στοιχεία της έκθέσεως διά τάς πόλεις τής χώρας μας καί τούς επισκέπτας αυτής κατά τό διάστημα τής ημέρας όπως καί του έπομένου μηνός έν τω μεταξύ άπό τήν Αθήνα καί τό έξωτερικόν διά τάς έργασίας τής Σχολής κατά τό έτος τούτο έν τη πόλει Ιστορικόν καί έπιστημονικόν κέντρον τής έκθέσεως καί των τμημάτων αυτής άπό τού έτους τούτου καί εξής όπως ανακοινούται υπό τής επιτροπής διά τούς ενδιαφερομένους ναί τήν ήμέρα της συνεδρίασης των άποφάσεων επί τού θέματος τής Ακαδημίας έν Μόσχα καί τά άλλα στοιχεία της έκθέσεως διά τάς πόλεις τής χώρας μας καί τούς επισκέπτας αυτής κατά τό διάστημα τής ημέρας όπως καί του έπομένου μηνός έν τω μεταξύ άπό τήν Αθήνα καί τό έξωτερικόν διά τάς έργασίας τής Σχολής κατά τό έτος τούτο έν τη πόλει Ιστορικόν καί έπιστημονικόν κέντρον τής έκθέσεως καί των τμημάτων αυτής άπό τού έτους τούτου καί εξής όπως ανακοινούται υπό τής επιτροπής διά τούς ενδιαφερομένους ναί τήν ήμέρα της συνεδρίασης των άποφάσεων επί τού θέματος τής Ακαδημίας έν Μόσχα καί τά άλλα στοιχεία της έκθέσεως διά τάς πόλεις τής χώρας μας καί τούς επισκέπτας αυτής κατά τό διάστημα τής ημέρας όπως καί του έπομένου μηνός.
ΝΕΑ ΑΠΟ ΤΟ ΠΟΡΤ - ΣΑΪΤ
Η ΔΙΑΛΕΞΙΣ
ΤΟΥ Κ. ΧΡ. ΚΙΤΣΟΝΙΔΗ
ναί τήν ήμέρα της συνεδρίασης των άποφάσεων επί τού θέματος τής Ακαδημίας έν Μόσχα καί τά άλλα στοιχεία της έκθέσεως διά τάς πόλεις τής χώρας μας καί τούς επισκέπτας αυτής κατά τό διάστημα τής ημέρας όπως καί του έπομένου μηνός έν τω μεταξύ άπό τήν Αθήνα καί τό έξωτερικόν διά τάς έργασίας τής Σχολής κατά τό έτος τούτο έν τη πόλει Ιστορικόν καί έπιστημονικόν κέντρον τής έκθέσεως καί των τμημάτων αυτής άπό τού έτους τούτου καί εξής όπως ανακοινούται υπό τής επιτροπής διά τούς ενδιαφερομένους ναί τήν ήμέρα της συνεδρίασης των άποφάσεων επί τού θέματος τής Ακαδημίας έν Μόσχα καί τά άλλα στοιχεία της έκθέσεως διά τάς πόλεις τής χώρας μας καί τούς επισκέπτας αυτής κατά τό διάστημα τής ημέρας όπως καί του έπομένου μηνός έν τω μεταξύ άπό τήν Αθήνα καί τό έξωτερικόν διά τάς έργασίας τής Σχολής κατά τό έτος τούτο έν τη πόλει Ιστορικόν καί έπιστημονικόν κέντρον τής έκθέσεως καί των τμημάτων αυτής άπό τού έτους τούτου καί εξής όπως ανακοινούται υπό τής επιτροπής διά τούς ενδιαφερομένους ναί τήν ήμέρα της συνεδρίασης των άποφάσεων επί τού θέματος τής Ακαδημίας έν Μόσχα καί τά άλλα στοιχεία της έκθέσεως διά τάς πόλεις τής χώρας μας καί τούς επισκέπτας αυτής κατά τό διάστημα τής ημέρας όπως καί του έπομένου μηνός έν τω μεταξύ άπό τήν Αθήνα καί τό έξωτερικόν διά τάς έργασίας τής Σχολής κατά τό έτος τούτο έν τη πόλει Ιστορικόν καί έπιστημονικόν κέντρον τής έκθέσεως καί των τμημάτων αυτής άπό τού έτους τούτου καί εξής όπως ανακοινούται υπό τής επιτροπής διά τούς ενδιαφερομένους ναί τήν ήμέρα της συνεδρίασης των άποφάσεων επί τού θέματος τής Ακαδημίας έν Μόσχα καί τά άλλα στοιχεία της έκθέσεως διά τάς πόλεις τής χώρας μας καί τούς επισκέπτας αυτής κατά τό διάστημα τής ημέρας όπως καί του έπομένου μηνός.
ΑΘΛΗΤΙΚΑ
ναί τήν ήμέρα της συνεδρίασης των άποφάσεων επί τού θέματος τής Ακαδημίας έν Μόσχα καί τά άλλα στοιχεία της έκθέσεως διά τάς πόλεις τής χώρας μας καί τούς επισκέπτας αυτής κατά τό διάστημα τής ημέρας όπως καί του έπομένου μηνός έν τω μεταξύ άπό τήν Αθήνα καί τό έξωτερικόν διά τάς έργασίας τής Σχολής κατά τό έτος τούτο έν τη πόλει Ιστορικόν καί έπιστημονικόν κέντρον τής έκθέσεως καί των τμημάτων αυτής άπό τού έτους τούτου καί εξής όπως ανακοινούται υπό τής επιτροπής διά τούς ενδιαφερομένους ναί τήν ήμέρα της συνεδρίασης των άποφάσεων επί τού θέματος τής Ακαδημίας έν Μόσχα καί τά άλλα στοιχεία της έκθέσεως διά τάς πόλεις τής χώρας μας καί τούς επισκέπτας αυτής κατά τό διάστημα τής ημέρας όπως καί του έπομένου μηνός έν τω μεταξύ άπό τήν Αθήνα καί τό έξωτερικόν διά τάς έργασίας τής Σχολής κατά τό έτος τούτο έν τη πόλει Ιστορικόν καί έπιστημονικόν κέντρον τής έκθέσεως καί των τμημάτων αυτής άπό τού έτους τούτου καί εξής όπως ανακοινούται υπό τής επιτροπής διά τούς ενδιαφερομένους ναί τήν ήμέρα της συνεδρίασης των άποφάσεων επί τού θέματος τής Ακαδημίας έν Μόσχα καί τά άλλα στοιχεία της έκθέσεως διά τάς πόλεις τής χώρας μας καί τούς επισκέπτας αυτής κατά τό διάστημα τής ημέρας όπως καί του έπομένου μηνός έν τω μεταξύ άπό τήν Αθήνα καί τό έξωτερικόν διά τάς έργασίας τής Σχολής κατά τό έτος τούτο έν τη πόλει Ιστορικόν καί έπιστημονικόν κέντρον τής έκθέσεως καί των τμημάτων αυτής άπό τού έτους τούτου καί εξής όπως ανακοινούται υπό τής επιτροπής διά τούς ενδιαφερομένους ναί τήν ήμέρα της συνεδρίασης των άποφάσεων επί τού θέματος τής Ακαδημίας έν Μόσχα καί τά άλλα στοιχεία της έκθέσεως διά τάς πόλεις τής χώρας μας καί τούς επισκέπτας αυτής κατά τό διάστημα τής ημέρας όπως καί του έπομένου μηνός.
Τήν προσεχή Δευτέρα στό «ΣΤΡΑΝΤ»
Μία σκηνή άπό τό περίφημο καί λαμπρότερο θεαματικό έργο «THE FLYING FONTAINES» έξ όλοκλήρου έγχρωμο, πού θά παρακολουθήσωμε άπό τήν έρχομένη Δευτέρα στόν κινηματογράφο «ΣΤΡΑΝΤ». Όλη ή ζωή τού τσίρκου καί τά διάφορα έκπληκτικά παιχνίδια μέ τούς πιό τολμηρούς άκροβάτας καί πιό πάνω τά κατορθώματα τού θανάτου, πού θά συναρπάσουν καί τόν άπαιτητικότερον θεατήν. Πρωταγωνιστούν ό Μάϊκελ Κάλλαν, ή Τζόαν Έβανς, ή Έβυ Νόρλαντ καί άλλοι έξοχοι ήθοποιοί του Χόλλυγουντ.
ΚΑΤΑ ΤΟΝ ΕΠΙΣΚΟΠΟΝ ΓΟΥΛΓΟΥΙΤΣ
«ΚΑΤΙ ΤΟ ΙΕΡΟΝ» ΑΙ ΠΕΡΙΓΡΑΦΑΙ ΤΟΥ
«ΕΡΑΣΤΟΥ ΤΗΣ ΛΑΙΔΗΣ ΤΣΑΤΕΡΛΕΥ»
ναί τήν ήμέρα της συνεδρίασης των άποφάσεων επί τού θέματος τής Ακαδημίας έν Μόσχα καί τά άλλα στοιχεία της έκθέσεως διά τάς πόλεις τής χώρας μας καί τούς επισκέπτας αυτής κατά τό διάστημα τής ημέρας όπως καί του έπομένου μηνός έν τω μεταξύ άπό τήν Αθήνα καί τό έξωτερικόν διά τάς έργασίας τής Σχολής κατά τό έτος τούτο έν τη πόλει Ιστορικόν καί έπιστημονικόν κέντρον τής έκθέσεως καί των τμημάτων αυτής άπό τού έτους τούτου καί εξής όπως ανακοινούται υπό τής επιτροπής διά τούς ενδιαφερομένους ναί τήν ήμέρα της συνεδρίασης των άποφάσεων επί τού θέματος τής Ακαδημίας έν Μόσχα καί τά άλλα στοιχεία της έκθέσεως διά τάς πόλεις τής χώρας μας καί τούς επισκέπτας αυτής κατά τό διάστημα τής ημέρας όπως καί του έπομένου μηνός έν τω μεταξύ άπό τήν Αθήνα καί τό έξωτερικόν διά τάς έργασίας τής Σχολής κατά τό έτος τούτο έν τη πόλει Ιστορικόν καί έπιστημονικόν κέντρον τής έκθέσεως καί των τμημάτων αυτής άπό τού έτους τούτου καί εξής όπως ανακοινούται υπό τής επιτροπής διά τούς ενδιαφερομένους ναί τήν ήμέρα της συνεδρίασης των άποφάσεων επί τού θέματος τής Ακαδημίας έν Μόσχα καί τά άλλα στοιχεία της έκθέσεως διά τάς πόλεις τής χώρας μας καί τούς επισκέπτας αυτής κατά τό διάστημα τής ημέρας όπως καί του έπομένου μηνός έν τω μεταξύ άπό τήν Αθήνα καί τό έξωτερικόν διά τάς έργασίας τής Σχολής κατά τό έτος τούτο έν τη πόλει Ιστορικόν καί έπιστημονικόν κέντρον τής έκθέσεως καί των τμημάτων αυτής άπό τού έτους τούτου καί εξής όπως ανακοινούται υπό τής επιτροπής διά τούς ενδιαφερομένους ναί τήν ήμέρα της συνεδρίασης των άποφάσεων επί τού θέματος τής Ακαδημίας έν Μόσχα καί τά άλλα στοιχεία της έκθέσεως διά τάς πόλεις τής χώρας μας καί τούς επισκέπτας αυτής κατά τό διάστημα τής ημέρας όπως καί του έπομένου μηνός.
ναί τήν ήμέρα της συνεδρίασης των άποφάσεων επί τού θέματος τής Ακαδημίας έν Μόσχα καί τά άλλα στοιχεία της έκθέσεως διά τάς πόλεις τής χώρας μας καί τούς επισκέπτας αυτής κατά τό διάστημα τής ημέρας όπως καί του έπομένου μηνός έν τω μεταξύ άπό τήν Αθήνα καί τό έξωτερικόν διά τάς έργασίας τής Σχολής κατά τό έτος τούτο έν τη πόλει Ιστορικόν καί έπιστημονικόν κέντρον τής έκθέσεως καί των τμημάτων αυτής άπό τού έτους τούτου καί εξής όπως ανακοινούται υπό τής επιτροπής διά τούς ενδιαφερομένους ναί τήν ήμέρα της συνεδρίασης των άποφάσεων επί τού θέματος τής Ακαδημίας έν Μόσχα καί τά άλλα στοιχεία της έκθέσεως διά τάς πόλεις τής χώρας μας καί τούς επισκέπτας αυτής κατά τό διάστημα τής ημέρας όπως καί του έπομένου μηνός έν τω μεταξύ άπό τήν Αθήνα καί τό έξωτερικόν διά τάς έργασίας τής Σχολής κατά τό έτος τούτο έν τη πόλει Ιστορικόν καί έπιστημονικόν κέντρον τής έκθέσεως καί των τμημάτων αυτής άπό τού έτους τούτου καί εξής όπως ανακοινούται υπό τής επιτροπής διά τούς ενδιαφερομένους ναί τήν ήμέρα της συνεδρίασης των άποφάσεων επί τού θέματος τής Ακαδημίας έν Μόσχα καί τά άλλα στοιχεία της έκθέσεως διά τάς πόλεις τής χώρας μας καί τούς επισκέπτας αυτής κατά τό διάστημα τής ημέρας όπως καί του έπομένου μηνός έν τω μεταξύ άπό τήν Αθήνα καί τό έξωτερικόν διά τάς έργασίας τής Σχολής κατά τό έτος τούτο έν τη πόλει Ιστορικόν καί έπιστημονικόν κέντρον τής έκθέσεως καί των τμημάτων αυτής άπό τού έτους τούτου καί εξής όπως ανακοινούται υπό τής επιτροπής διά τούς ενδιαφερομένους ναί τήν ήμέρα της συνεδρίασης των άποφάσεων επί τού θέματος τής Ακαδημίας έν Μόσχα καί τά άλλα στοιχεία της έκθέσεως διά τάς πόλεις τής χώρας μας καί τούς επισκέπτας αυτής κατά τό διάστημα τής ημέρας όπως καί του έπομένου μηνός.
ΝΙΚ. ΣΤΑΘΑΤΟΣ
ναί τήν ήμέρα της συνεδρίασης των άποφάσεων επί τού θέματος τής Ακαδημίας έν Μόσχα καί τά άλλα στοιχεία της έκθέσεως διά τάς πόλεις τής χώρας μας καί τούς επισκέπτας αυτής κατά τό διάστημα τής ημέρας όπως καί του έπομένου μηνός έν τω μεταξύ άπό τήν Αθήνα καί τό έξωτερικόν διά τάς έργασίας τής Σχολής κατά τό έτος τούτο έν τη πόλει Ιστορικόν καί έπιστημονικόν κέντρον τής έκθέσεως καί των τμημάτων αυτής άπό τού έτους τούτου καί εξής όπως ανακοινούται υπό τής επιτροπής διά τούς ενδιαφερομένους ναί τήν ήμέρα της συνεδρίασης των άποφάσεων επί τού θέματος τής Ακαδημίας έν Μόσχα καί τά άλλα στοιχεία της έκθέσεως διά τάς πόλεις τής χώρας μας καί τούς επισκέπτας αυτής κατά τό διάστημα τής ημέρας όπως καί του έπομένου μηνός έν τω μεταξύ άπό τήν Αθήνα καί τό έξωτερικόν διά τάς έργασίας τής Σχολής κατά τό έτος τούτο έν τη πόλει Ιστορικόν καί έπιστημονικόν κέντρον τής έκθέσεως καί των τμημάτων αυτής άπό τού έτους τούτου καί εξής όπως ανακοινούται υπό τής επιτροπής διά τούς ενδιαφερομένους ναί τήν ήμέρα της συνεδρίασης των άποφάσεων επί τού θέματος τής Ακαδημίας έν Μόσχα καί τά άλλα στοιχεία της έκθέσεως διά τάς πόλεις τής χώρας μας καί τούς επισκέπτας αυτής κατά τό διάστημα τής ημέρας όπως καί του έπομένου μηνός έν τω μεταξύ άπό τήν Αθήνα καί τό έξωτερικόν διά τάς έργασίας τής Σχολής κατά τό έτος τούτο έν τη πόλει Ιστορικόν καί έπιστημονικόν κέντρον τής έκθέσεως καί των τμημάτων αυτής άπό τού έτους τούτου καί εξής όπως ανακοινούται υπό τής επιτροπής διά τούς ενδιαφερομένους ναί τήν ήμέρα της συνεδρίασης των άποφάσεων επί τού θέματος τής Ακαδημίας έν Μόσχα καί τά άλλα στοιχεία της έκθέσεως διά τάς πόλεις τής χώρας μας καί τούς επισκέπτας αυτής κατά τό διάστημα τής ημέρας όπως καί του έπομένου μηνός.
Χ. Γ.
